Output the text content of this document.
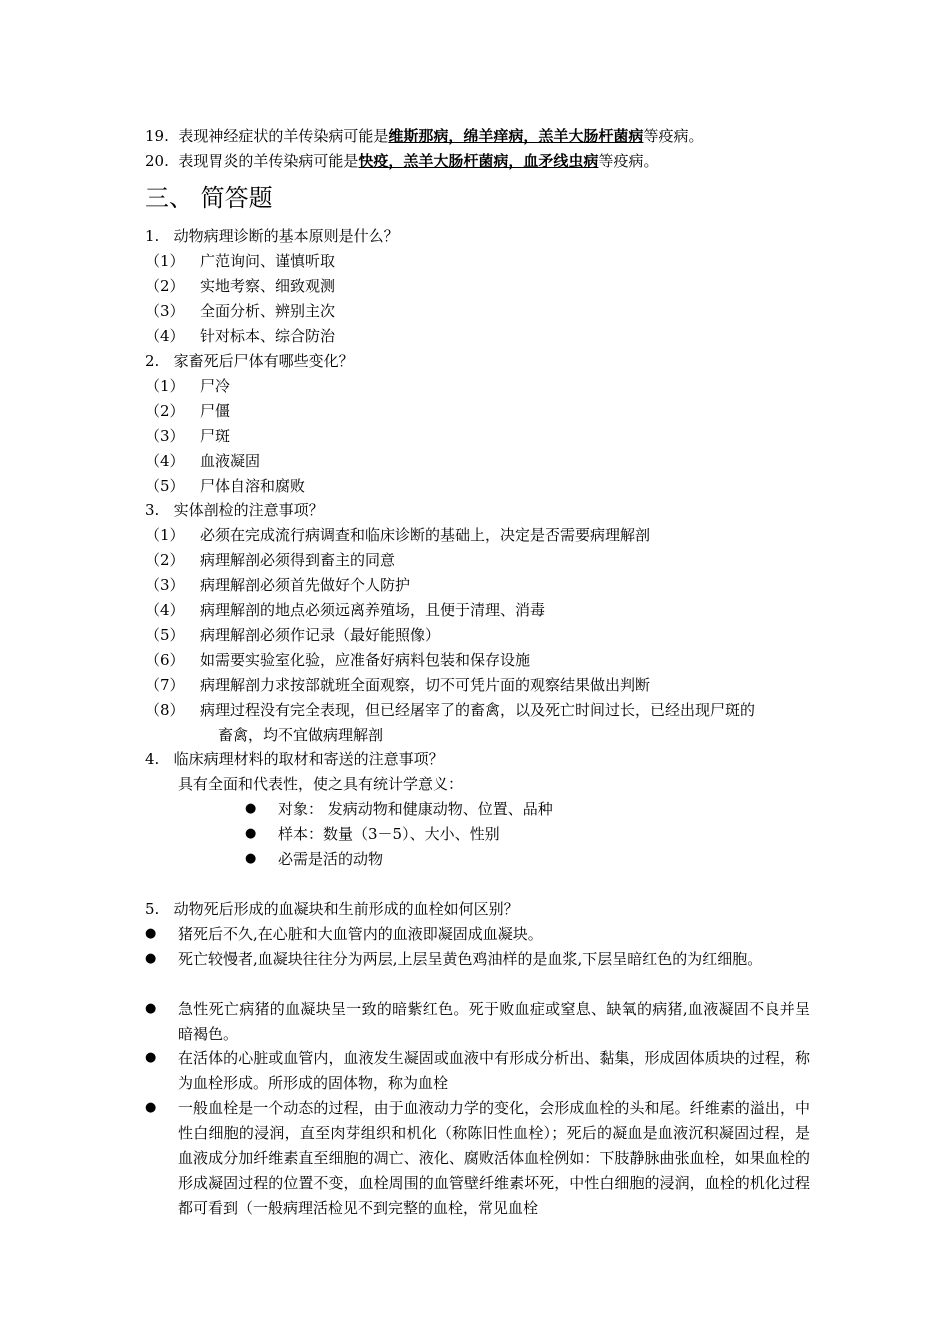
19. 表现神经症状的羊传染病可能是维斯那病，绵羊痒病，羔羊大肠杆菌病等疫病。
20. 表现胃炎的羊传染病可能是快疫，羔羊大肠杆菌病，血矛线虫病等疫病。
三、 简答题
1. 动物病理诊断的基本原则是什么？
（1） 广范询问、谨慎听取
（2） 实地考察、细致观测
（3） 全面分析、辨别主次
（4） 针对标本、综合防治
2. 家畜死后尸体有哪些变化？
（1） 尸冷
（2） 尸僵
（3） 尸斑
（4） 血液凝固
（5） 尸体自溶和腐败
3. 实体剖检的注意事项？
（1） 必须在完成流行病调查和临床诊断的基础上，决定是否需要病理解剖
（2） 病理解剖必须得到畜主的同意
（3） 病理解剖必须首先做好个人防护
（4） 病理解剖的地点必须远离养殖场，且便于清理、消毒
（5） 病理解剖必须作记录（最好能照像）
（6） 如需要实验室化验，应准备好病料包装和保存设施
（7） 病理解剖力求按部就班全面观察，切不可凭片面的观察结果做出判断
（8） 病理过程没有完全表现，但已经屠宰了的畜禽，以及死亡时间过长，已经出现尸斑的
畜禽，均不宜做病理解剖
4. 临床病理材料的取材和寄送的注意事项？
具有全面和代表性，使之具有统计学意义：
● 对象： 发病动物和健康动物、位置、品种
● 样本：数量（3－5）、大小、性别
● 必需是活的动物
5. 动物死后形成的血凝块和生前形成的血栓如何区别？
● 猪死后不久,在心脏和大血管内的血液即凝固成血凝块。
● 死亡较慢者,血凝块往往分为两层,上层呈黄色鸡油样的是血浆,下层呈暗红色的为红细胞。
● 急性死亡病猪的血凝块呈一致的暗紫红色。死于败血症或窒息、缺氧的病猪,血液凝固不良并呈暗褐色。
● 在活体的心脏或血管内，血液发生凝固或血液中有形成分析出、黏集，形成固体质块的过程，称为血栓形成。所形成的固体物，称为血栓
● 一般血栓是一个动态的过程，由于血液动力学的变化，会形成血栓的头和尾。纤维素的溢出，中性白细胞的浸润，直至肉芽组织和机化（称陈旧性血栓）；死后的凝血是血液沉积凝固过程，是血液成分加纤维素直至细胞的凋亡、液化、腐败活体血栓例如：下肢静脉曲张血栓，如果血栓的形成凝固过程的位置不变，血栓周围的血管壁纤维素坏死，中性白细胞的浸润，血栓的机化过程都可看到（一般病理活检见不到完整的血栓，常见血栓
